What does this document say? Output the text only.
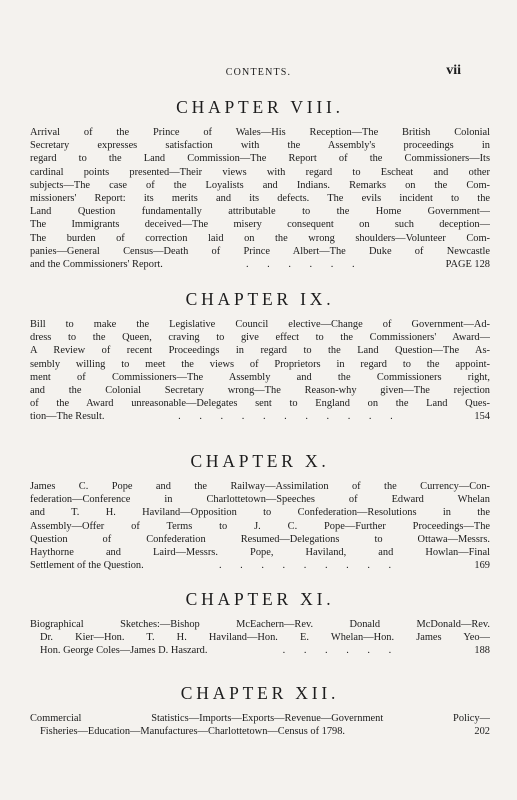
CONTENTS.	vii
CHAPTER VIII.
Arrival of the Prince of Wales—His Reception—The British Colonial
Secretary expresses satisfaction with the Assembly's proceedings in
regard to the Land Commission—The Report of the Commissioners—Its
cardinal points presented—Their views with regard to Escheat and other
subjects—The case of the Loyalists and Indians. Remarks on the Com-
missioners' Report: its merits and its defects. The evils incident to the
Land Question fundamentally attributable to the Home Government—
The Immigrants deceived—The misery consequent on such deception—
The burden of correction laid on the wrong shoulders—Volunteer Com-
panies—General Census—Death of Prince Albert—The Duke of Newcastle
and the Commissioners' Report.	. . . . . .	PAGE 128
CHAPTER IX.
Bill to make the Legislative Council elective—Change of Government—Ad-
dress to the Queen, craving to give effect to the Commissioners' Award—
A Review of recent Proceedings in regard to the Land Question—The As-
sembly willing to meet the views of Proprietors in regard to the appoint-
ment of Commissioners—The Assembly and the Commissioners right,
and the Colonial Secretary wrong—The Reason-why given—The rejection
of the Award unreasonable—Delegates sent to England on the Land Ques-
tion—The Result.	. . . . . . . . . . .	154
CHAPTER X.
James C. Pope and the Railway—Assimilation of the Currency—Con-
federation—Conference in Charlottetown—Speeches of Edward Whelan
and T. H. Haviland—Opposition to Confederation—Resolutions in the
Assembly—Offer of Terms to J. C. Pope—Further Proceedings—The
Question of Confederation Resumed—Delegations to Ottawa—Messrs.
Haythorne and Laird—Messrs. Pope, Haviland, and Howlan—Final
Settlement of the Question.	. . . . . . . . .	169
CHAPTER XI.
Biographical Sketches:—Bishop McEachern—Rev. Donald McDonald—Rev.
Dr. Kier—Hon. T. H. Haviland—Hon. E. Whelan—Hon. James Yeo—
Hon. George Coles—James D. Haszard.	. . . . . .	188
CHAPTER XII.
Commercial Statistics—Imports—Exports—Revenue—Government Policy—
Fisheries—Education—Manufactures—Charlottetown—Census of 1798.	202
